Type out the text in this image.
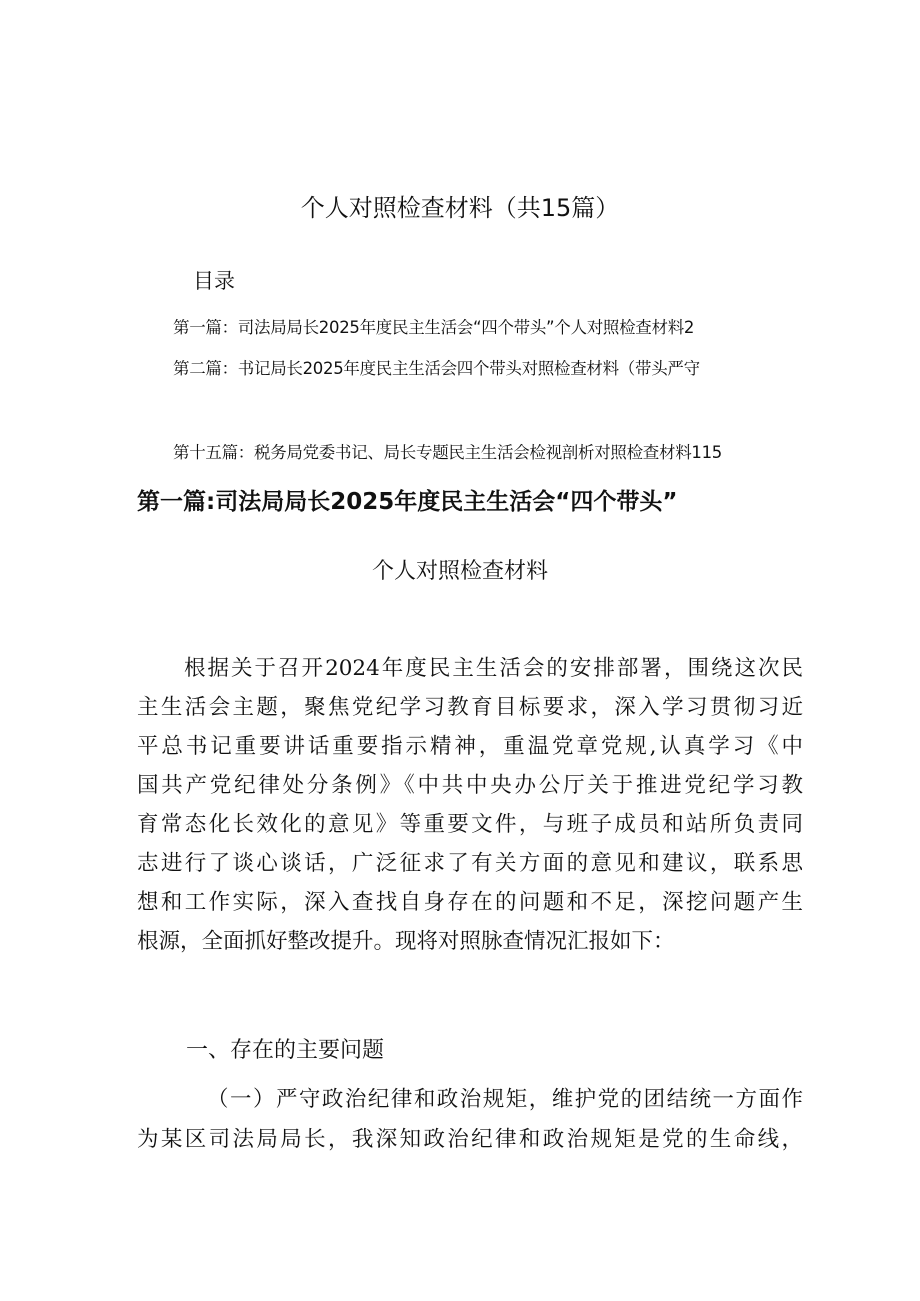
个人对照检查材料（共15篇）
目录
第一篇：司法局局长2025年度民主生活会“四个带头”个人对照检查材料2
第二篇：书记局长2025年度民主生活会四个带头对照检查材料（带头严守
第十五篇：税务局党委书记、局长专题民主生活会检视剖析对照检查材料115
第一篇:司法局局长2025年度民主生活会“四个带头”
个人对照检查材料
根据关于召开2024年度民主生活会的安排部署，围绕这次民
主生活会主题，聚焦党纪学习教育目标要求，深入学习贯彻习近
平总书记重要讲话重要指示精神，重温党章党规,认真学习《中
国共产党纪律处分条例》《中共中央办公厅关于推进党纪学习教
育常态化长效化的意见》等重要文件，与班子成员和站所负责同
志进行了谈心谈话，广泛征求了有关方面的意见和建议，联系思
想和工作实际，深入查找自身存在的问题和不足，深挖问题产生
根源，全面抓好整改提升。现将对照脉查情况汇报如下：
一、存在的主要问题
（一）严守政治纪律和政治规矩，维护党的团结统一方面作
为某区司法局局长，我深知政治纪律和政治规矩是党的生命线，
